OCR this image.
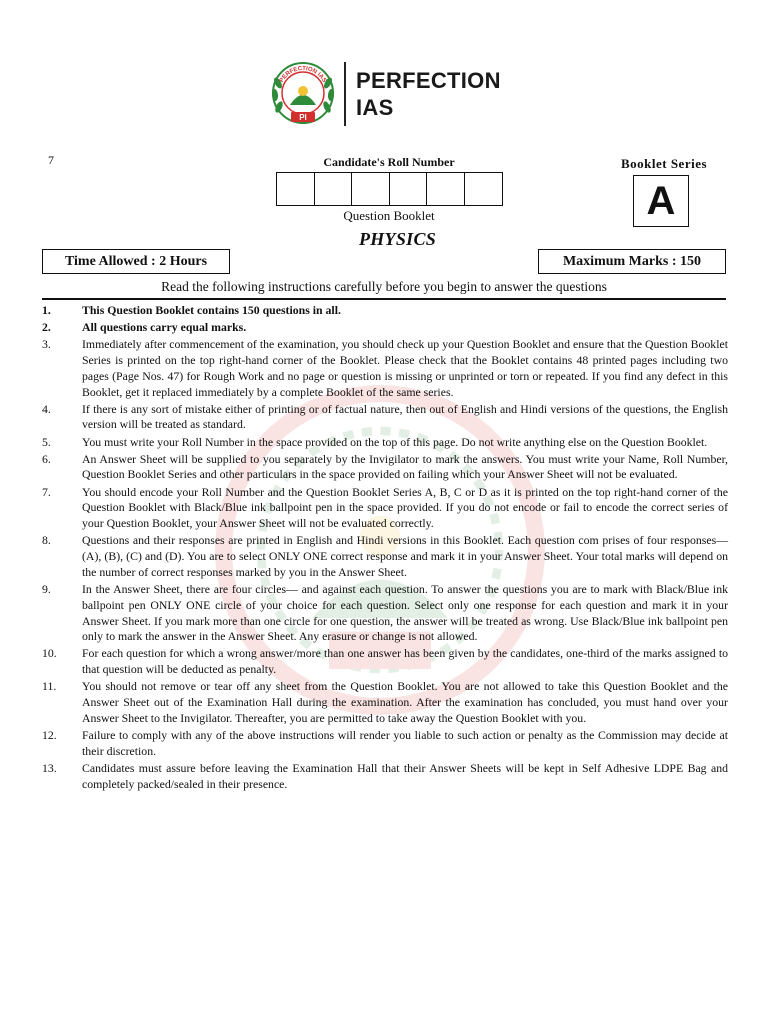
PERFECTION IAS
PI
PERFECTION
IAS
7	Candidate's Roll Number
Question Booklet
PHYSICS
Booklet Series
A
Time Allowed : 2 Hours	Maximum Marks : 150
Read the following instructions carefully before you begin to answer the questions
1.	This Question Booklet contains 150 questions in all.
2.	All questions carry equal marks.
3.	Immediately after commencement of the examination, you should check up your Question Booklet and ensure that the Question Booklet Series is printed on the top right-hand corner of the Booklet. Please check that the Booklet contains 48 printed pages including two pages (Page Nos. 47) for Rough Work and no page or question is missing or unprinted or torn or repeated. If you find any defect in this Booklet, get it replaced immediately by a complete Booklet of the same series.
4.	If there is any sort of mistake either of printing or of factual nature, then out of English and Hindi versions of the questions, the English version will be treated as standard.
5.	You must write your Roll Number in the space provided on the top of this page. Do not write anything else on the Question Booklet.
6.	An Answer Sheet will be supplied to you separately by the Invigilator to mark the answers. You must write your Name, Roll Number, Question Booklet Series and other particulars in the space provided on failing which your Answer Sheet will not be evaluated.
7.	You should encode your Roll Number and the Question Booklet Series A, B, C or D as it is printed on the top right-hand corner of the Question Booklet with Black/Blue ink ballpoint pen in the space provided. If you do not encode or fail to encode the correct series of your Question Booklet, your Answer Sheet will not be evaluated correctly.
8.	Questions and their responses are printed in English and Hindi versions in this Booklet. Each question com prises of four responses—(A), (B), (C) and (D). You are to select ONLY ONE correct response and mark it in your Answer Sheet. Your total marks will depend on the number of correct responses marked by you in the Answer Sheet.
9.	In the Answer Sheet, there are four circles— and against each question. To answer the questions you are to mark with Black/Blue ink ballpoint pen ONLY ONE circle of your choice for each question. Select only one response for each question and mark it in your Answer Sheet. If you mark more than one circle for one question, the answer will be treated as wrong. Use Black/Blue ink ballpoint pen only to mark the answer in the Answer Sheet. Any erasure or change is not allowed.
10.	For each question for which a wrong answer/more than one answer has been given by the candidates, one-third of the marks assigned to that question will be deducted as penalty.
11.	You should not remove or tear off any sheet from the Question Booklet. You are not allowed to take this Question Booklet and the Answer Sheet out of the Examination Hall during the examination. After the examination has concluded, you must hand over your Answer Sheet to the Invigilator. Thereafter, you are permitted to take away the Question Booklet with you.
12.	Failure to comply with any of the above instructions will render you liable to such action or penalty as the Commission may decide at their discretion.
13.	Candidates must assure before leaving the Examination Hall that their Answer Sheets will be kept in Self Adhesive LDPE Bag and completely packed/sealed in their presence.
